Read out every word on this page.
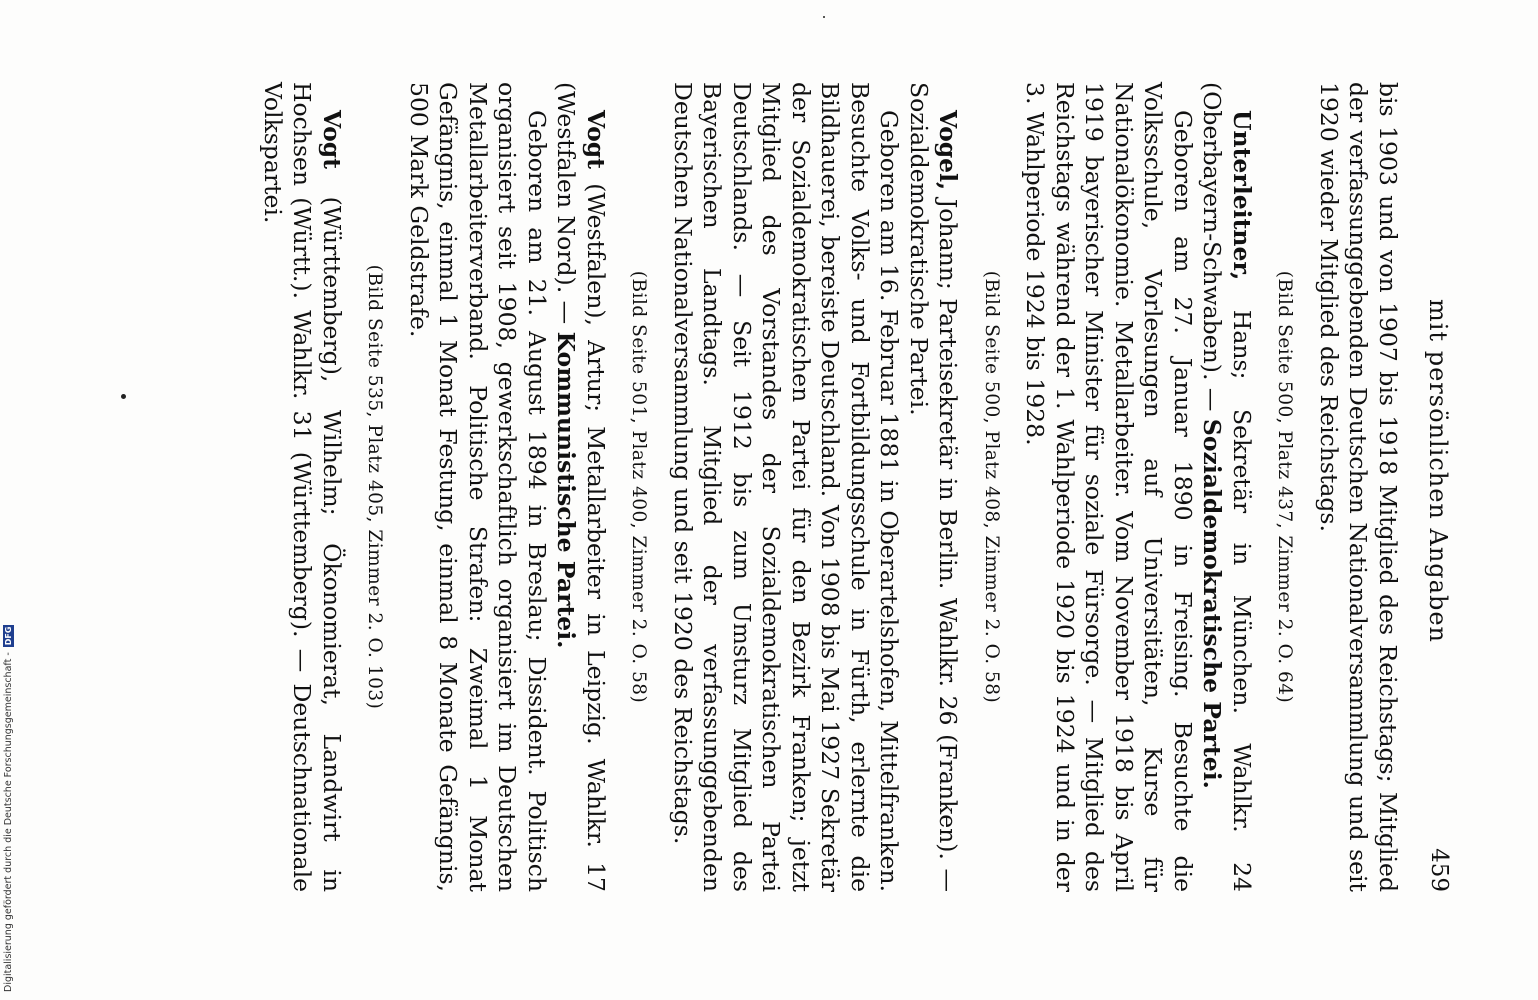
mit persönlichen Angaben
459

bis 1903 und von 1907 bis 1918 Mitglied des Reichstags; Mitglied der verfassunggebenden Deutschen Nationalversammlung und seit 1920 wieder Mitglied des Reichstags.

(Bild Seite 500, Platz 437, Zimmer 2. O. 64)

Unterleitner, Hans; Sekretär in München. Wahlkr. 24 (Oberbayern-Schwaben). — Sozialdemokratische Partei.

Geboren am 27. Januar 1890 in Freising. Besuchte die Volksschule, Vorlesungen auf Universitäten, Kurse für Nationalökonomie. Metallarbeiter. Vom November 1918 bis April 1919 bayerischer Minister für soziale Fürsorge. — Mitglied des Reichstags während der 1. Wahlperiode 1920 bis 1924 und in der 3. Wahlperiode 1924 bis 1928.

(Bild Seite 500, Platz 408, Zimmer 2. O. 58)

Vogel, Johann; Parteisekretär in Berlin. Wahlkr. 26 (Franken). — Sozialdemokratische Partei.

Geboren am 16. Februar 1881 in Oberartelshofen, Mittelfranken. Besuchte Volks- und Fortbildungsschule in Fürth, erlernte die Bildhauerei, bereiste Deutschland. Von 1908 bis Mai 1927 Sekretär der Sozialdemokratischen Partei für den Bezirk Franken; jetzt Mitglied des Vorstandes der Sozialdemokratischen Partei Deutschlands. — Seit 1912 bis zum Umsturz Mitglied des Bayerischen Landtags. Mitglied der verfassunggebenden Deutschen Nationalversammlung und seit 1920 des Reichstags.

(Bild Seite 501, Platz 400, Zimmer 2. O. 58)

Vogt (Westfalen), Artur; Metallarbeiter in Leipzig. Wahlkr. 17 (Westfalen Nord). — Kommunistische Partei.

Geboren am 21. August 1894 in Breslau; Dissident. Politisch organisiert seit 1908, gewerkschaftlich organisiert im Deutschen Metallarbeiterverband. Politische Strafen: Zweimal 1 Monat Gefängnis, einmal 1 Monat Festung, einmal 8 Monate Gefängnis, 500 Mark Geldstrafe.

(Bild Seite 535, Platz 405, Zimmer 2. O. 103)

Vogt (Württemberg), Wilhelm; Ökonomierat, Landwirt in Hochsen (Württ.). Wahlkr. 31 (Württemberg). — Deutschnationale Volkspartei.

Digitalisierung gefördert durch die Deutsche Forschungsgemeinschaft - DFG
